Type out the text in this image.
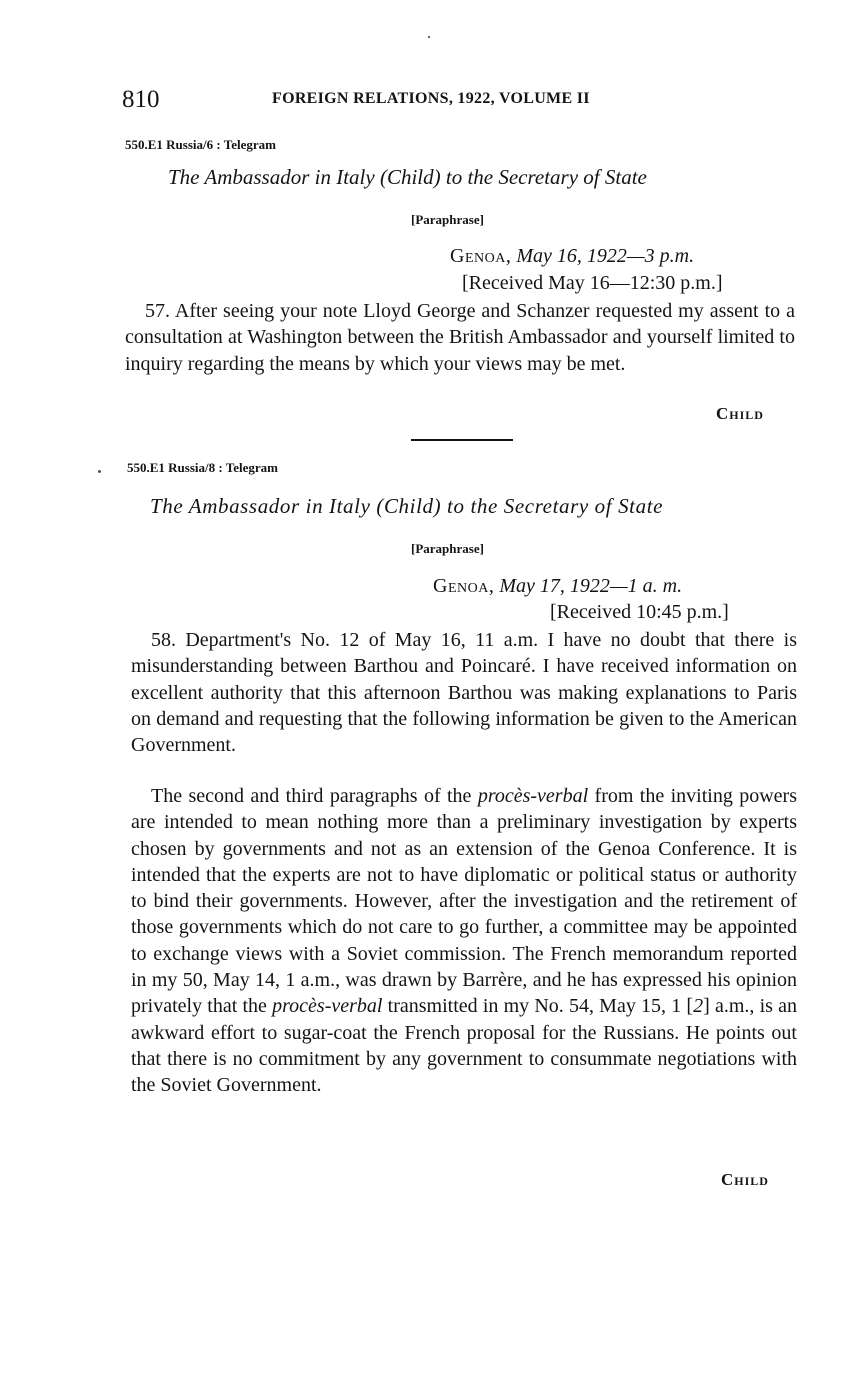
810	FOREIGN RELATIONS, 1922, VOLUME II
550.E1 Russia/6 : Telegram
The Ambassador in Italy (Child) to the Secretary of State
[Paraphrase]
Genoa, May 16, 1922—3 p.m.
[Received May 16—12:30 p.m.]

57. After seeing your note Lloyd George and Schanzer requested my assent to a consultation at Washington between the British Ambassador and yourself limited to inquiry regarding the means by which your views may be met.

Child
550.E1 Russia/8 : Telegram
The Ambassador in Italy (Child) to the Secretary of State
[Paraphrase]
Genoa, May 17, 1922—1 a. m.
[Received 10:45 p.m.]

58. Department's No. 12 of May 16, 11 a.m. I have no doubt that there is misunderstanding between Barthou and Poincaré. I have received information on excellent authority that this afternoon Barthou was making explanations to Paris on demand and requesting that the following information be given to the American Government.

The second and third paragraphs of the procès-verbal from the inviting powers are intended to mean nothing more than a preliminary investigation by experts chosen by governments and not as an extension of the Genoa Conference. It is intended that the experts are not to have diplomatic or political status or authority to bind their governments. However, after the investigation and the retirement of those governments which do not care to go further, a committee may be appointed to exchange views with a Soviet commission. The French memorandum reported in my 50, May 14, 1 a.m., was drawn by Barrère, and he has expressed his opinion privately that the procès-verbal transmitted in my No. 54, May 15, 1 [2] a.m., is an awkward effort to sugar-coat the French proposal for the Russians. He points out that there is no commitment by any government to consummate negotiations with the Soviet Government.

Child
